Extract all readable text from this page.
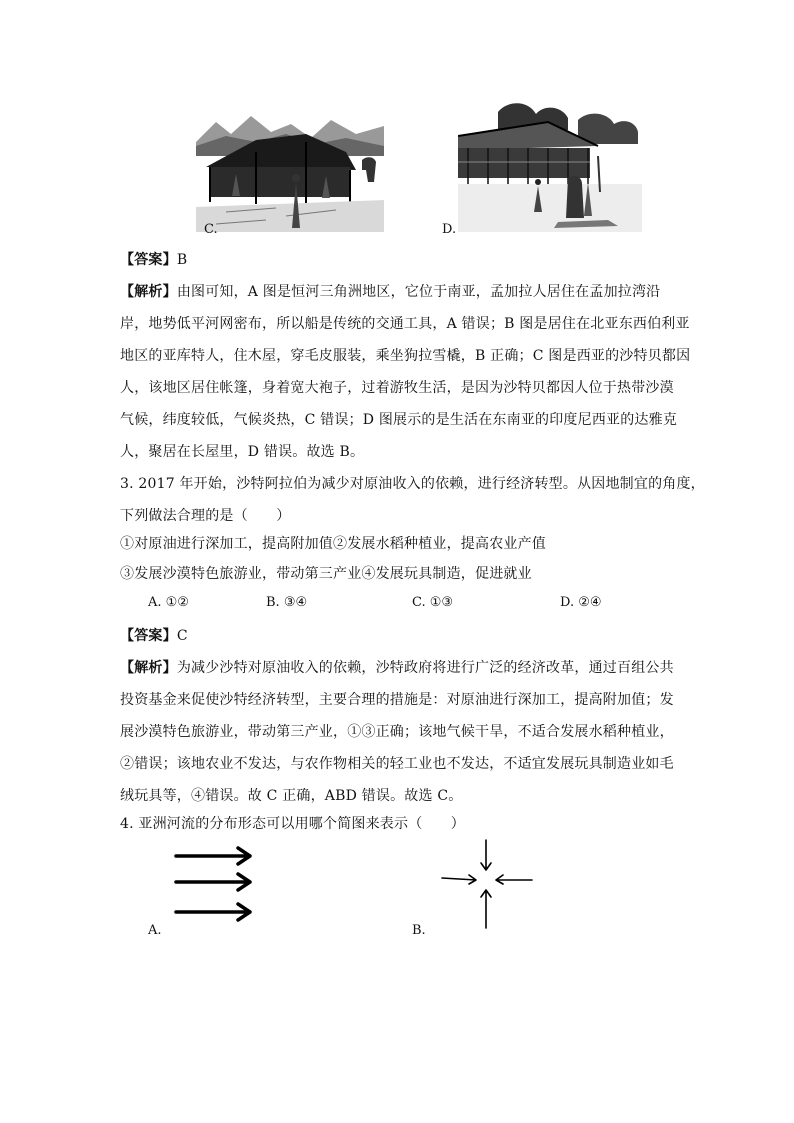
C.	D.
【答案】B
【解析】由图可知，A 图是恒河三角洲地区，它位于南亚，孟加拉人居住在孟加拉湾沿
岸，地势低平河网密布，所以船是传统的交通工具，A 错误；B 图是居住在北亚东西伯利亚
地区的亚库特人，住木屋，穿毛皮服装，乘坐狗拉雪橇，B 正确；C 图是西亚的沙特贝都因
人，该地区居住帐篷，身着宽大袍子，过着游牧生活，是因为沙特贝都因人位于热带沙漠
气候，纬度较低，气候炎热，C 错误；D 图展示的是生活在东南亚的印度尼西亚的达雅克
人，聚居在长屋里，D 错误。故选 B。
3. 2017 年开始，沙特阿拉伯为减少对原油收入的依赖，进行经济转型。从因地制宜的角度，
下列做法合理的是（　　）
①对原油进行深加工，提高附加值②发展水稻种植业，提高农业产值
③发展沙漠特色旅游业，带动第三产业④发展玩具制造，促进就业
A. ①②	B. ③④	C. ①③	D. ②④
【答案】C
【解析】为减少沙特对原油收入的依赖，沙特政府将进行广泛的经济改革，通过百组公共
投资基金来促使沙特经济转型，主要合理的措施是：对原油进行深加工，提高附加值；发
展沙漠特色旅游业，带动第三产业，①③正确；该地气候干旱，不适合发展水稻种植业，
②错误；该地农业不发达，与农作物相关的轻工业也不发达，不适宜发展玩具制造业如毛
绒玩具等，④错误。故 C 正确，ABD 错误。故选 C。
4. 亚洲河流的分布形态可以用哪个简图来表示（　　）
A.	B.
